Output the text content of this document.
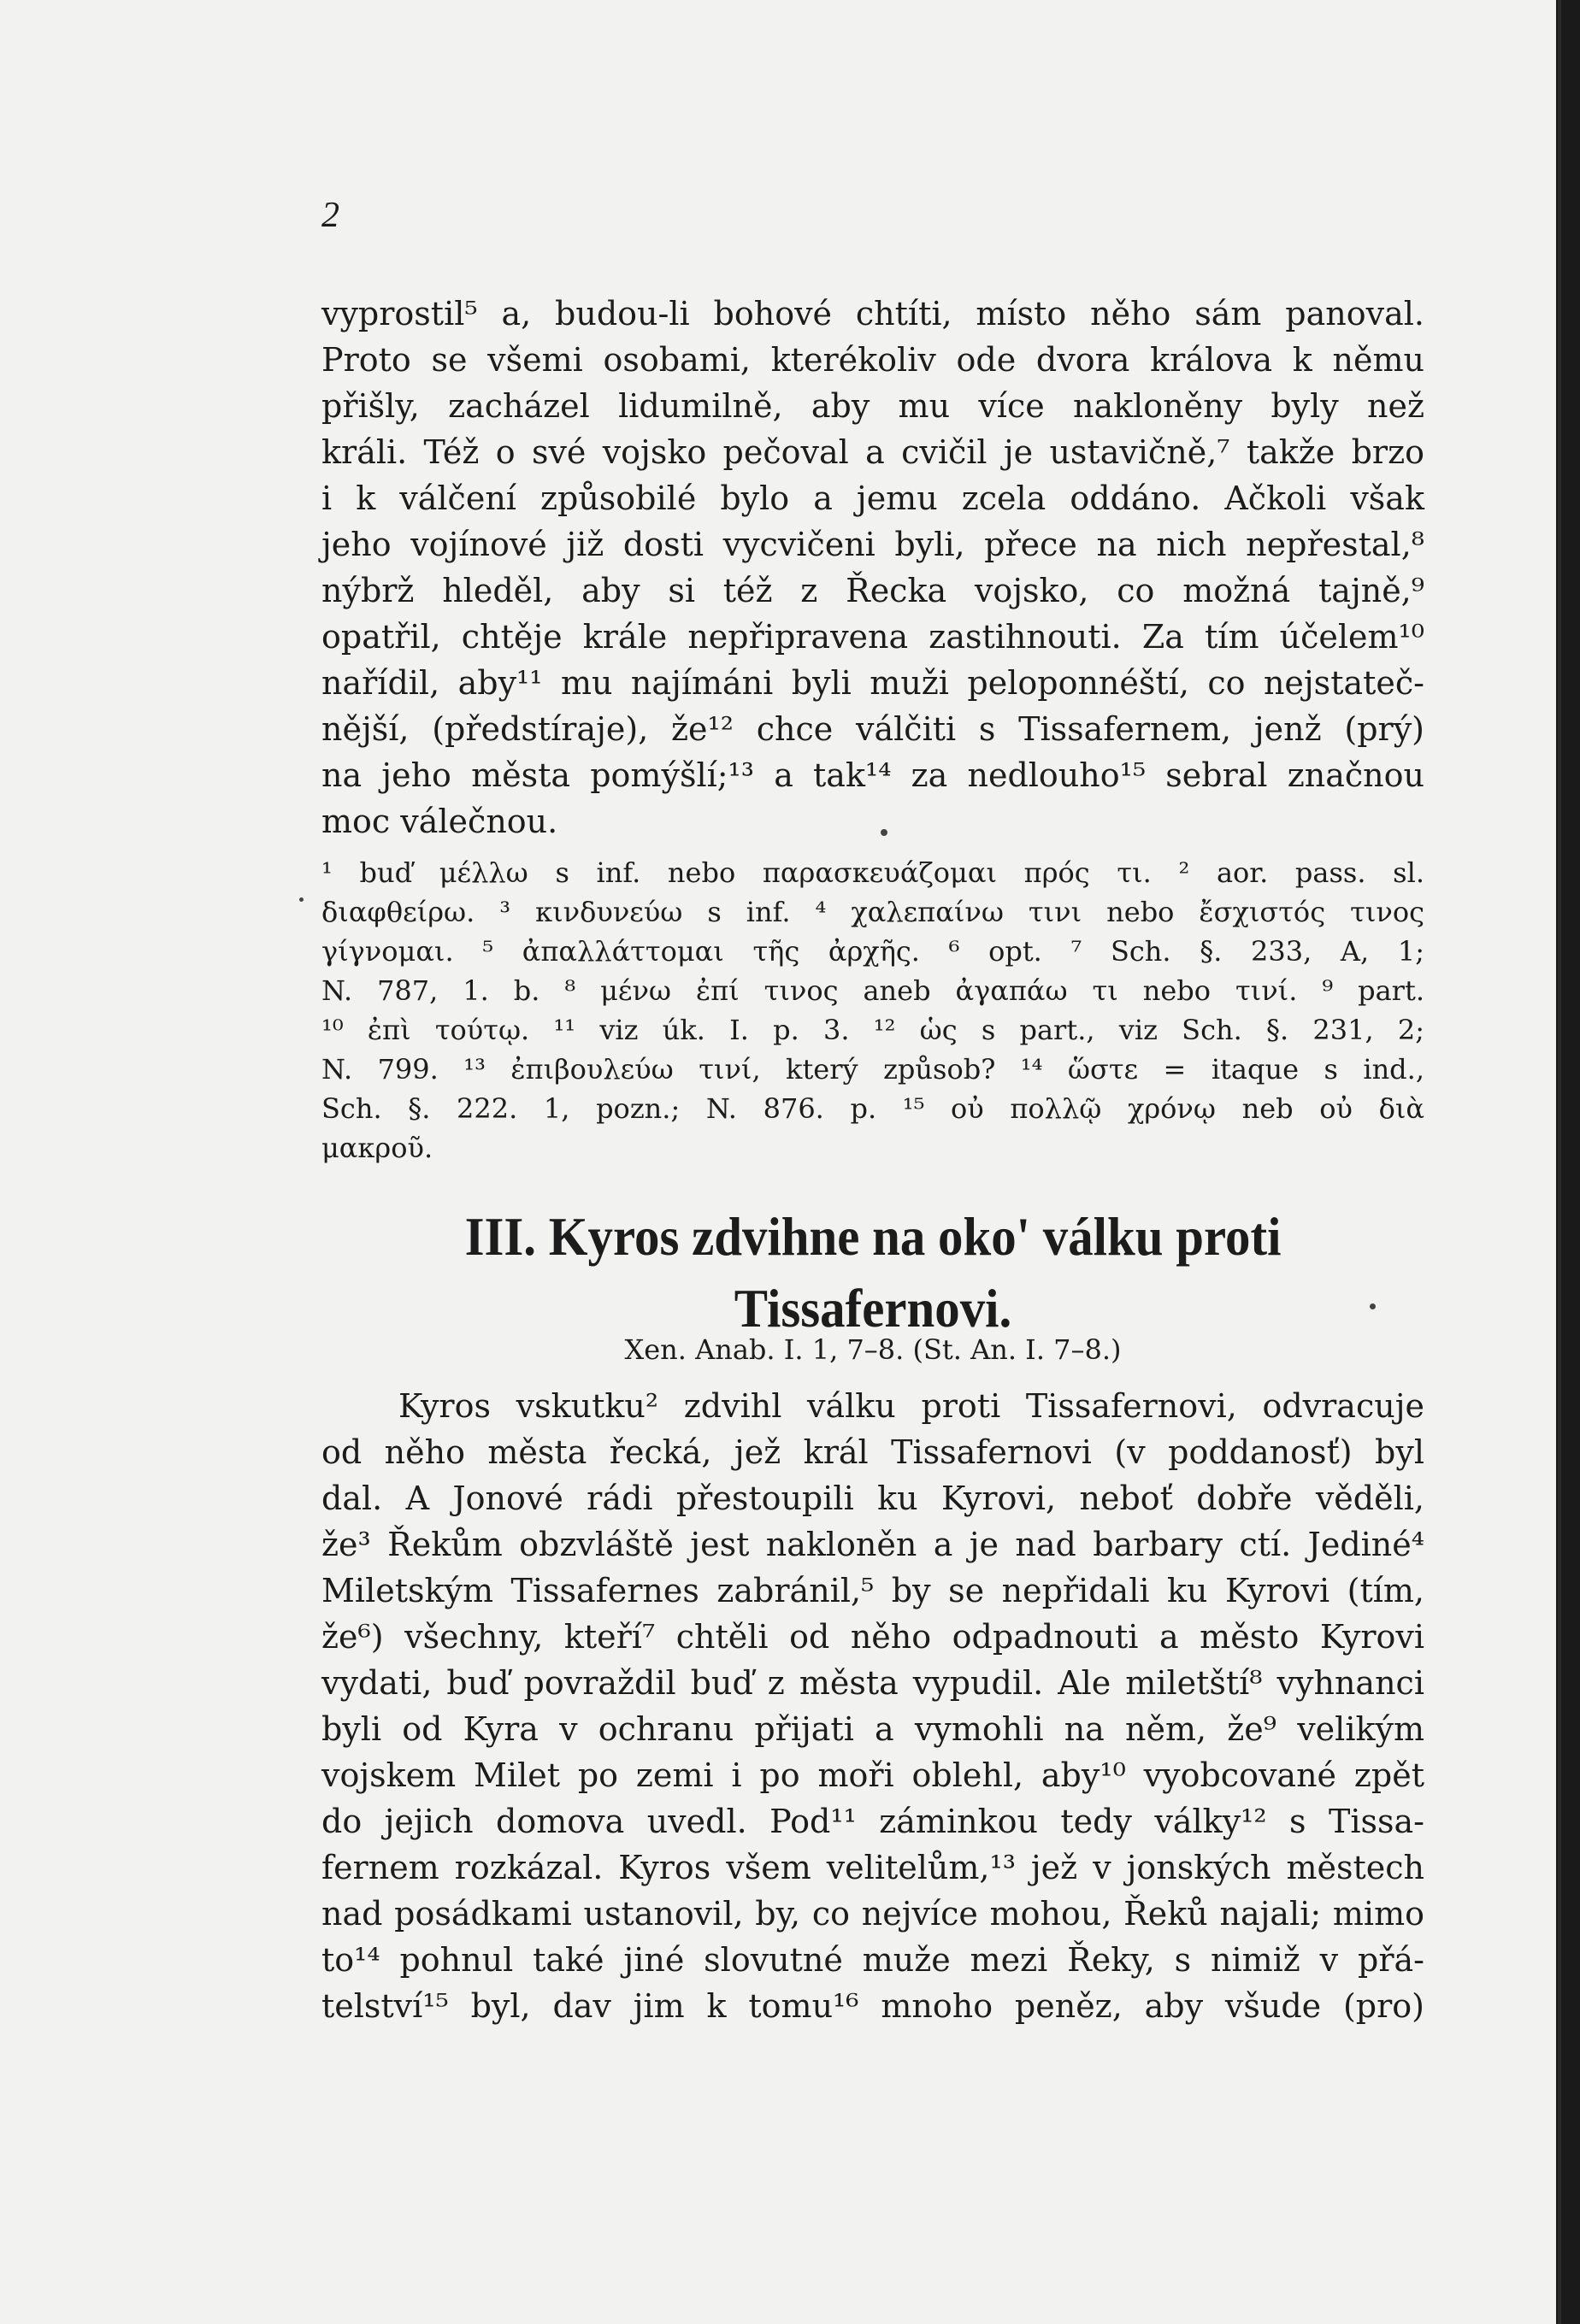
2
vyprostil⁵ a, budou-li bohové chtíti, místo něho sám panoval.
Proto se všemi osobami, kterékoliv ode dvora králova k němu
přišly, zacházel lidumilně, aby mu více nakloněny byly než
králi. Též o své vojsko pečoval a cvičil je ustavičně,⁷ takže brzo
i k válčení způsobilé bylo a jemu zcela oddáno. Ačkoli však
jeho vojínové již dosti vycvičeni byli, přece na nich nepřestal,⁸
nýbrž hleděl, aby si též z Řecka vojsko, co možná tajně,⁹
opatřil, chtěje krále nepřipravena zastihnouti. Za tím účelem¹⁰
nařídil, aby¹¹ mu najímáni byli muži peloponnéští, co nejstateč-
nější, (předstíraje), že¹² chce válčiti s Tissafernem, jenž (prý)
na jeho města pomýšlí;¹³ a tak¹⁴ za nedlouho¹⁵ sebral značnou
moc válečnou.
¹ buď μέλλω s inf. nebo παρασκευάζομαι πρός τι. ² aor. pass. sl.
διαφθείρω. ³ κινδυνεύω s inf. ⁴ χαλεπαίνω τινι nebo ἔσχιστός τινος
γίγνομαι. ⁵ ἀπαλλάττομαι τῆς ἀρχῆς. ⁶ opt. ⁷ Sch. §. 233, A, 1;
N. 787, 1. b. ⁸ μένω ἐπί τινος aneb ἀγαπάω τι nebo τινί. ⁹ part.
¹⁰ ἐπὶ τούτῳ. ¹¹ viz úk. I. p. 3. ¹² ὡς s part., viz Sch. §. 231, 2;
N. 799. ¹³ ἐπιβουλεύω τινί, který způsob? ¹⁴ ὥστε = itaque s ind.,
Sch. §. 222. 1, pozn.; N. 876. p. ¹⁵ οὐ πολλῷ χρόνῳ neb οὐ διὰ
μακροῦ.
III. Kyros zdvihne na oko' válku proti
Tissafernovi.
Xen. Anab. I. 1, 7–8. (St. An. I. 7–8.)
Kyros vskutku² zdvihl válku proti Tissafernovi, odvracuje
od něho města řecká, jež král Tissafernovi (v poddanosť) byl
dal. A Jonové rádi přestoupili ku Kyrovi, neboť dobře věděli,
že³ Řekům obzvláště jest nakloněn a je nad barbary ctí. Jediné⁴
Miletským Tissafernes zabránil,⁵ by se nepřidali ku Kyrovi (tím,
že⁶) všechny, kteří⁷ chtěli od něho odpadnouti a město Kyrovi
vydati, buď povraždil buď z města vypudil. Ale miletští⁸ vyhnanci
byli od Kyra v ochranu přijati a vymohli na něm, že⁹ velikým
vojskem Milet po zemi i po moři oblehl, aby¹⁰ vyobcované zpět
do jejich domova uvedl. Pod¹¹ záminkou tedy války¹² s Tissa-
fernem rozkázal. Kyros všem velitelům,¹³ jež v jonských městech
nad posádkami ustanovil, by, co nejvíce mohou, Řeků najali; mimo
to¹⁴ pohnul také jiné slovutné muže mezi Řeky, s nimiž v přá-
telství¹⁵ byl, dav jim k tomu¹⁶ mnoho peněz, aby všude (pro)
